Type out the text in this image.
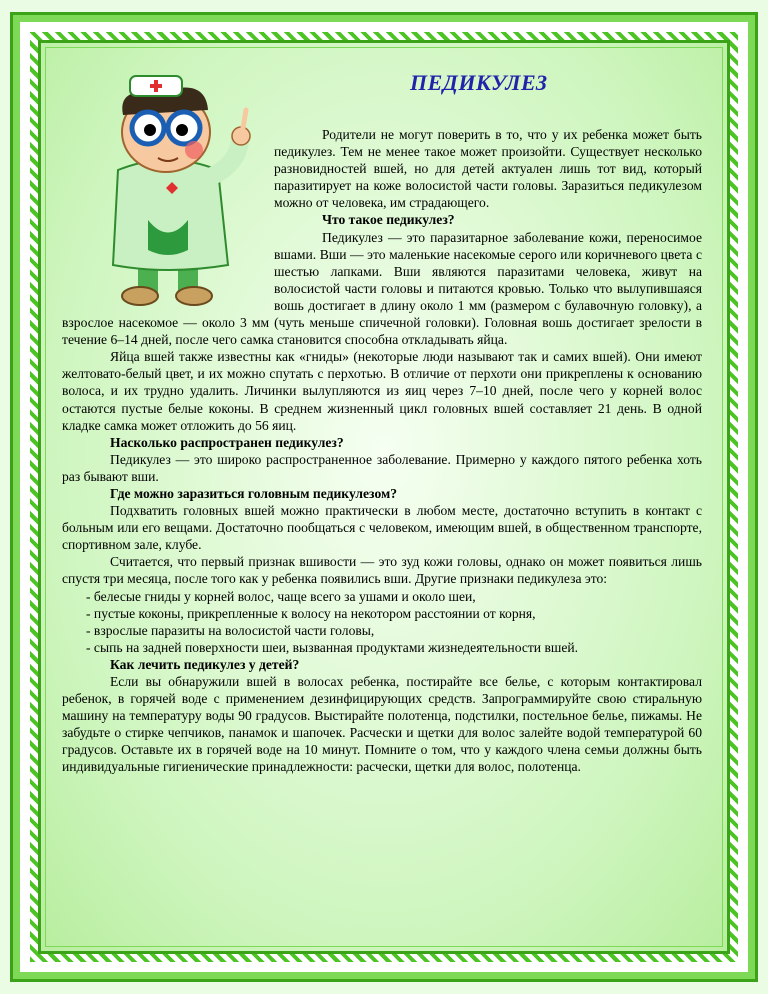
ПЕДИКУЛЕЗ

Родители не могут поверить в то, что у их ребенка может быть педикулез. Тем не менее такое может произойти. Существует несколько разновидностей вшей, но для детей актуален лишь тот вид, который паразитирует на коже волосистой части головы. Заразиться педикулезом можно от человека, им страдающего.

Что такое педикулез?

Педикулез — это паразитарное заболевание кожи, переносимое вшами. Вши — это маленькие насекомые серого или коричневого цвета с шестью лапками. Вши являются паразитами человека, живут на волосистой части головы и питаются кровью. Только что вылупившаяся вошь достигает в длину около 1 мм (размером с булавочную головку), а взрослое насекомое — около 3 мм (чуть меньше спичечной головки). Головная вошь достигает зрелости в течение 6–14 дней, после чего самка становится способна откладывать яйца.

Яйца вшей также известны как «гниды» (некоторые люди называют так и самих вшей). Они имеют желтовато-белый цвет, и их можно спутать с перхотью. В отличие от перхоти они прикреплены к основанию волоса, и их трудно удалить. Личинки вылупляются из яиц через 7–10 дней, после чего у корней волос остаются пустые белые коконы. В среднем жизненный цикл головных вшей составляет 21 день. В одной кладке самка может отложить до 56 яиц.

Насколько распространен педикулез?

Педикулез — это широко распространенное заболевание. Примерно у каждого пятого ребенка хоть раз бывают вши.

Где можно заразиться головным педикулезом?

Подхватить головных вшей можно практически в любом месте, достаточно вступить в контакт с больным или его вещами. Достаточно пообщаться с человеком, имеющим вшей, в общественном транспорте, спортивном зале, клубе.

Считается, что первый признак вшивости — это зуд кожи головы, однако он может появиться лишь спустя три месяца, после того как у ребенка появились вши. Другие признаки педикулеза это:

- белесые гниды у корней волос, чаще всего за ушами и около шеи,

- пустые коконы, прикрепленные к волосу на некотором расстоянии от корня,

- взрослые паразиты на волосистой части головы,

- сыпь на задней поверхности шеи, вызванная продуктами жизнедеятельности вшей.

Как лечить педикулез у детей?

Если вы обнаружили вшей в волосах ребенка, постирайте все белье, с которым контактировал ребенок, в горячей воде с применением дезинфицирующих средств. Запрограммируйте свою стиральную машину на температуру воды 90 градусов. Выстирайте полотенца, подстилки, постельное белье, пижамы. Не забудьте о стирке чепчиков, панамок и шапочек. Расчески и щетки для волос залейте водой температурой 60 градусов. Оставьте их в горячей воде на 10 минут. Помните о том, что у каждого члена семьи должны быть индивидуальные гигиенические принадлежности: расчески, щетки для волос, полотенца.
